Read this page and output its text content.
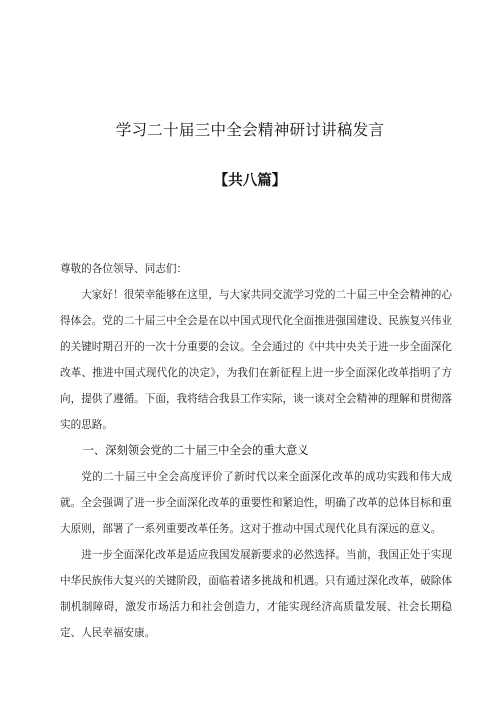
学习二十届三中全会精神研讨讲稿发言
【共八篇】

尊敬的各位领导、同志们：

大家好！很荣幸能够在这里，与大家共同交流学习党的二十届三中全会精神的心得体会。党的二十届三中全会是在以中国式现代化全面推进强国建设、民族复兴伟业的关键时期召开的一次十分重要的会议。全会通过的《中共中央关于进一步全面深化改革、推进中国式现代化的决定》，为我们在新征程上进一步全面深化改革指明了方向，提供了遵循。下面，我将结合我县工作实际，谈一谈对全会精神的理解和贯彻落实的思路。

一、深刻领会党的二十届三中全会的重大意义

党的二十届三中全会高度评价了新时代以来全面深化改革的成功实践和伟大成就。全会强调了进一步全面深化改革的重要性和紧迫性，明确了改革的总体目标和重大原则，部署了一系列重要改革任务。这对于推动中国式现代化具有深远的意义。

进一步全面深化改革是适应我国发展新要求的必然选择。当前，我国正处于实现中华民族伟大复兴的关键阶段，面临着诸多挑战和机遇。只有通过深化改革，破除体制机制障碍，激发市场活力和社会创造力，才能实现经济高质量发展、社会长期稳定、人民幸福安康。
